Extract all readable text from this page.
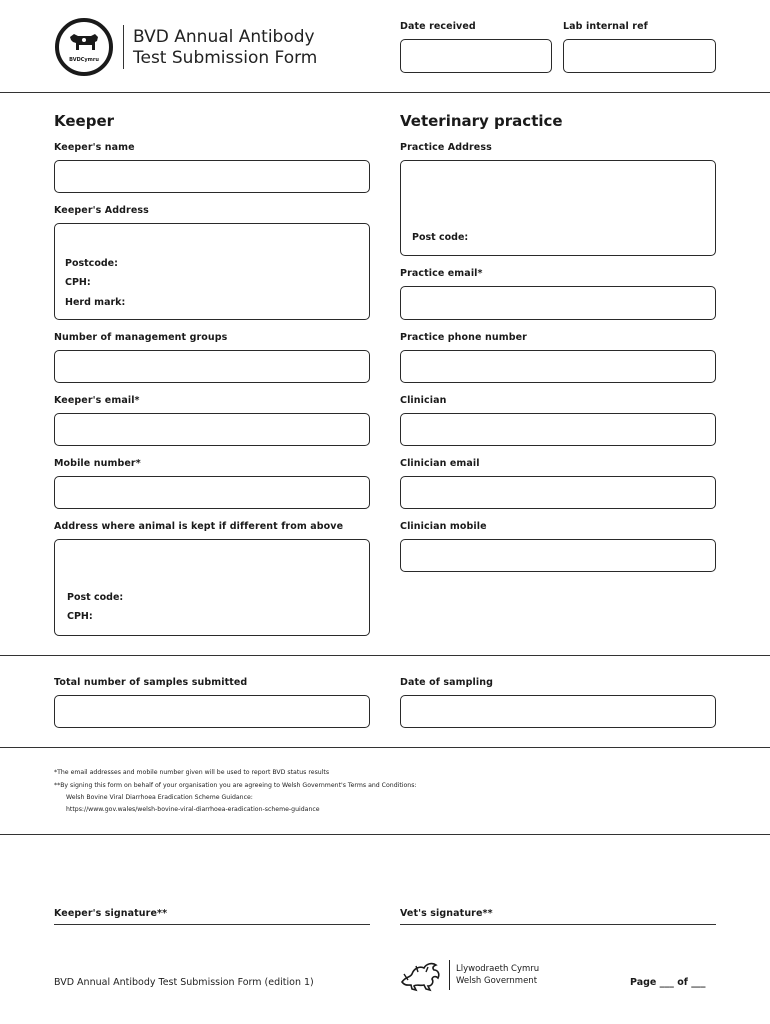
BVDCymru
BVD Annual Antibody
Test Submission Form
Date received	Lab internal ref
Keeper
Keeper's name
Keeper's Address
Postcode:
CPH:
Herd mark:
Number of management groups
Keeper's email*
Mobile number*
Address where animal is kept if different from above
Post code:
CPH:
Veterinary practice
Practice Address
Post code:
Practice email*
Practice phone number
Clinician
Clinician email
Clinician mobile
Total number of samples submitted	Date of sampling
*The email addresses and mobile number given will be used to report BVD status results
**By signing this form on behalf of your organisation you are agreeing to Welsh Government's Terms and Conditions:
Welsh Bovine Viral Diarrhoea Eradication Scheme Guidance:
https://www.gov.wales/welsh-bovine-viral-diarrhoea-eradication-scheme-guidance
Keeper's signature**	Vet's signature**
BVD Annual Antibody Test Submission Form (edition 1)
Llywodraeth Cymru
Welsh Government	Page ___ of ___
